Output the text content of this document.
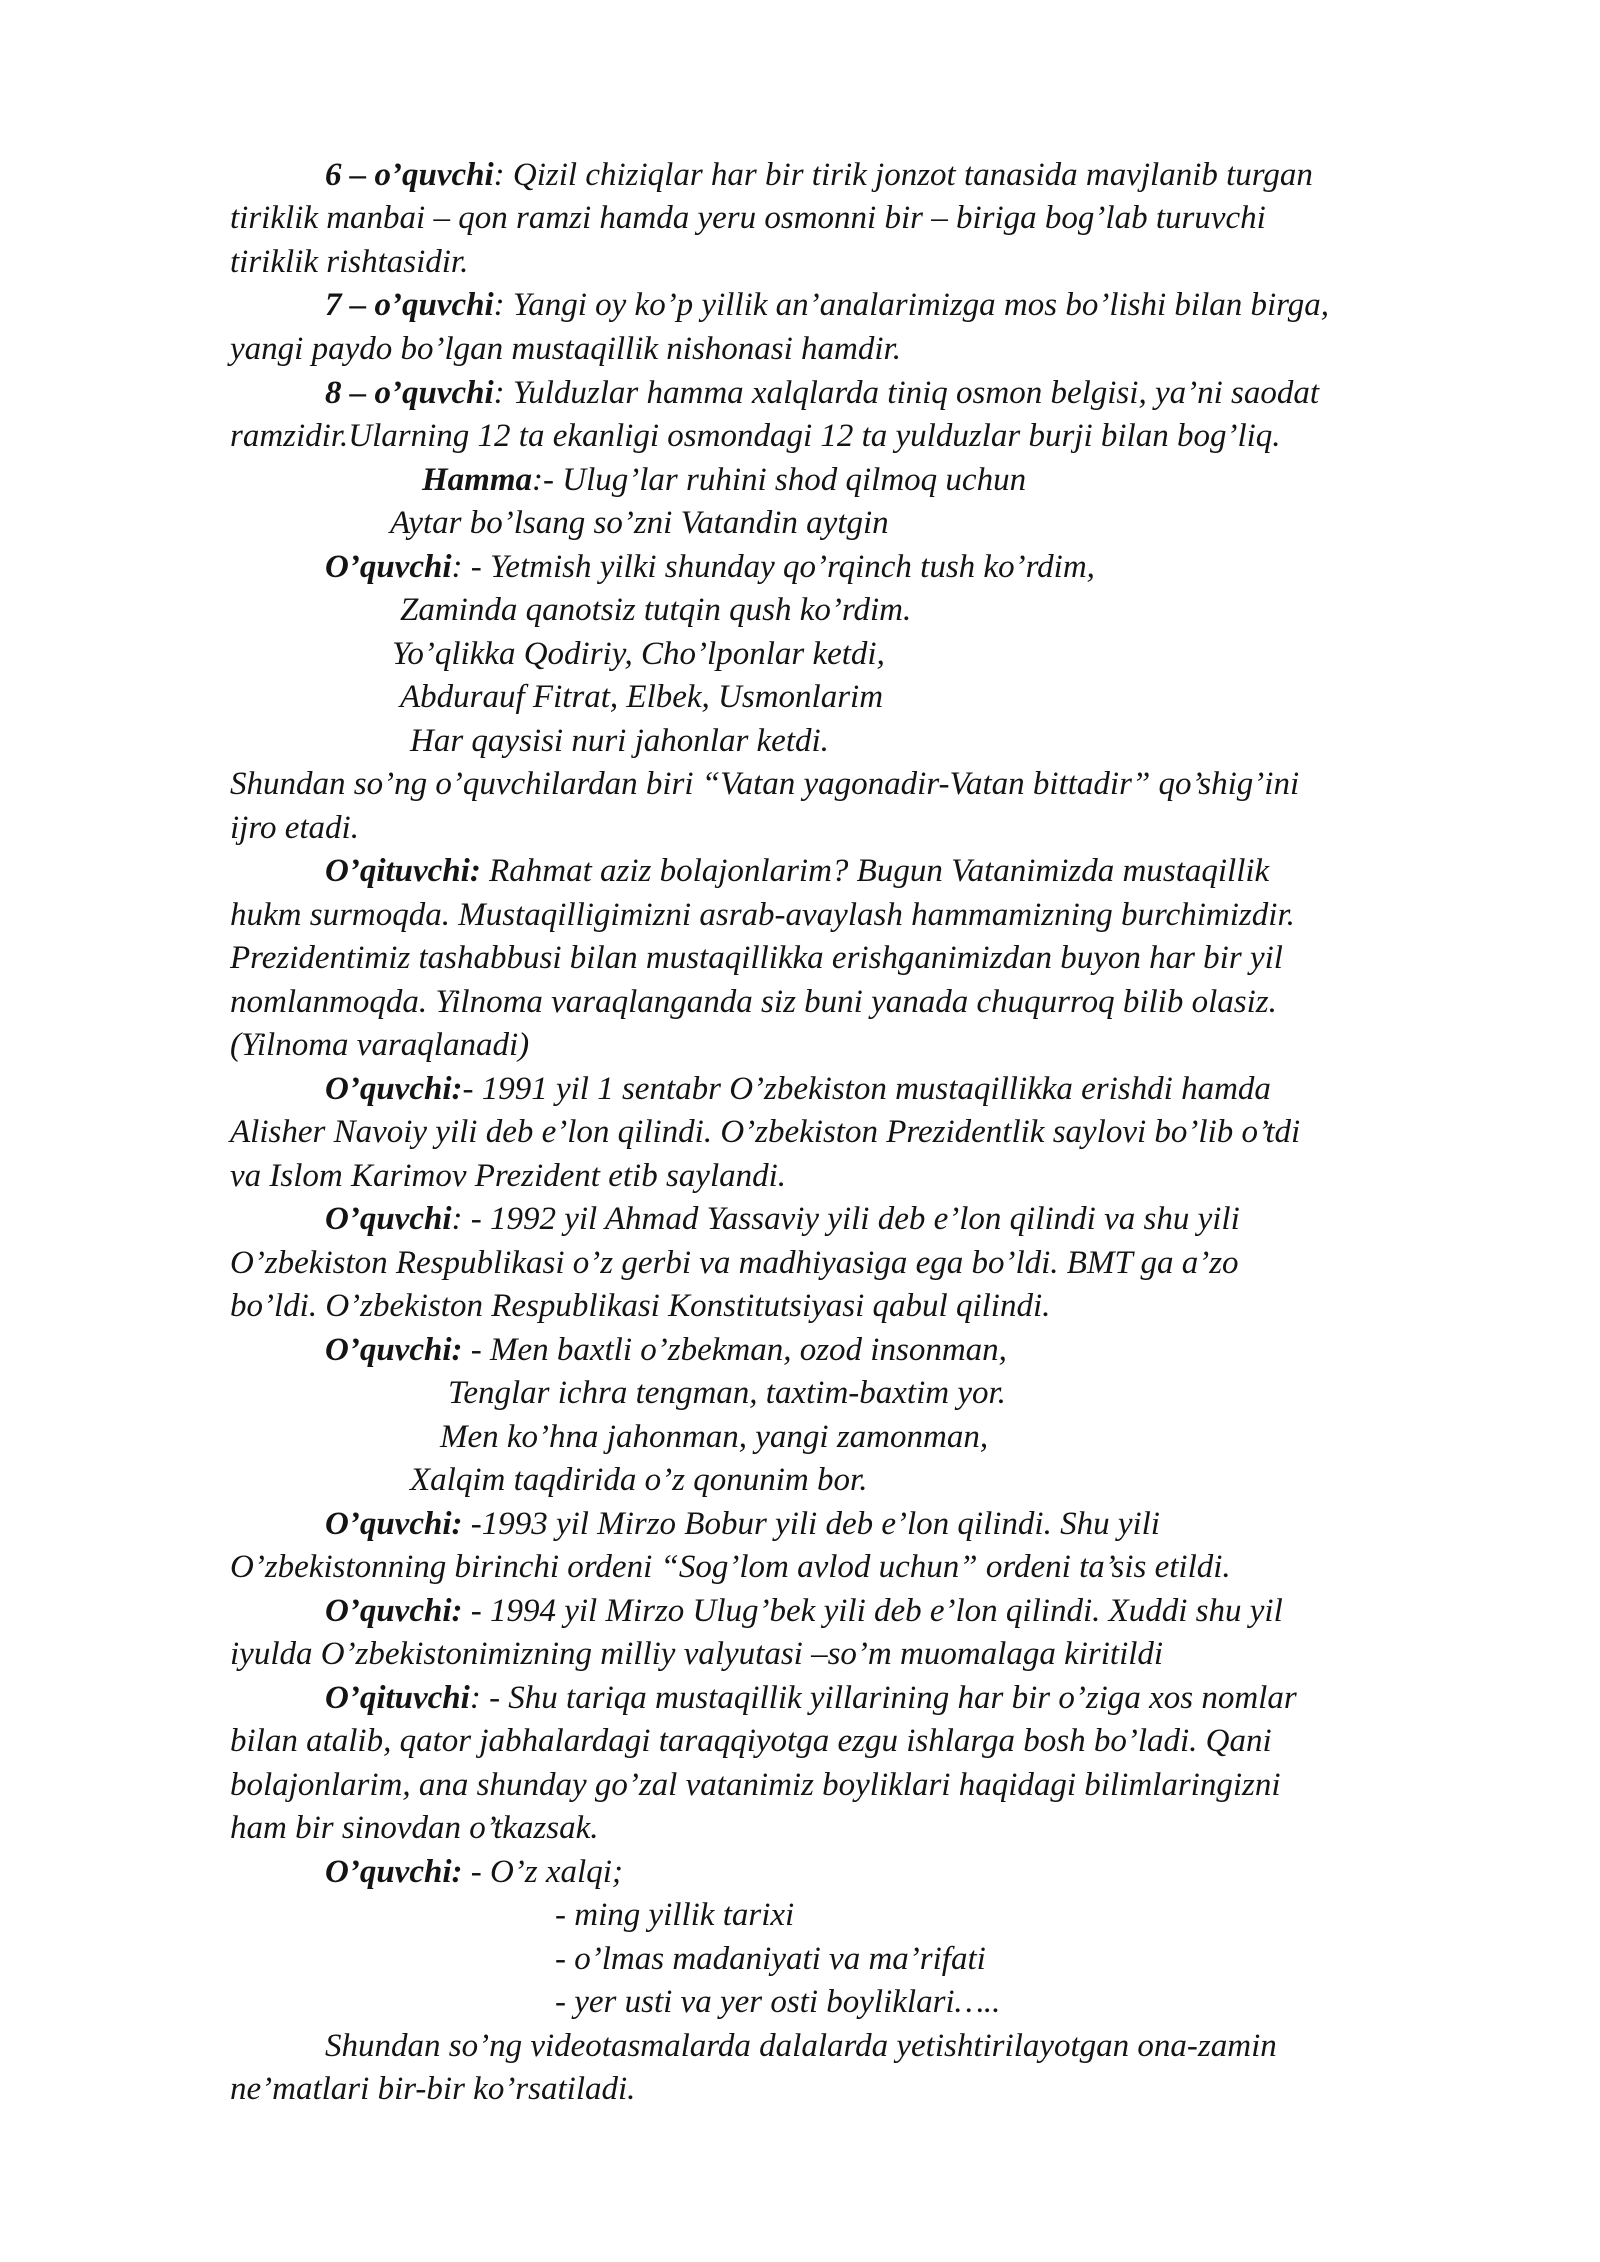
6 – o’quvchi: Qizil chiziqlar har bir tirik jonzot tanasida mavjlanib turgan
tiriklik manbai – qon ramzi hamda yeru osmonni bir – biriga bog’lab turuvchi
tiriklik rishtasidir.
7 – o’quvchi: Yangi oy ko’p yillik an’analarimizga mos bo’lishi bilan birga,
yangi paydo bo’lgan mustaqillik nishonasi hamdir.
8 – o’quvchi: Yulduzlar hamma xalqlarda tiniq osmon belgisi, ya’ni saodat
ramzidir.Ularning 12 ta ekanligi osmondagi 12 ta yulduzlar burji bilan bog’liq.
Hamma:- Ulug’lar ruhini shod qilmoq uchun
Aytar bo’lsang so’zni Vatandin aytgin
O’quvchi: - Yetmish yilki shunday qo’rqinch tush ko’rdim,
Zaminda qanotsiz tutqin qush ko’rdim.
Yo’qlikka Qodiriy, Cho’lponlar ketdi,
Abdurauf Fitrat, Elbek, Usmonlarim
Har qaysisi nuri jahonlar ketdi.
Shundan so’ng o’quvchilardan biri “Vatan yagonadir-Vatan bittadir” qo’shig’ini
ijro etadi.
O’qituvchi: Rahmat aziz bolajonlarim? Bugun Vatanimizda mustaqillik
hukm surmoqda. Mustaqilligimizni asrab-avaylash hammamizning burchimizdir.
Prezidentimiz tashabbusi bilan mustaqillikka erishganimizdan buyon har bir yil
nomlanmoqda. Yilnoma varaqlanganda siz buni yanada chuqurroq bilib olasiz.
(Yilnoma varaqlanadi)
O’quvchi:- 1991 yil 1 sentabr O’zbekiston mustaqillikka erishdi hamda
Alisher Navoiy yili deb e’lon qilindi. O’zbekiston Prezidentlik saylovi bo’lib o’tdi
va Islom Karimov Prezident etib saylandi.
O’quvchi: - 1992 yil Ahmad Yassaviy yili deb e’lon qilindi va shu yili
O’zbekiston Respublikasi o’z gerbi va madhiyasiga ega bo’ldi. BMT ga a’zo
bo’ldi. O’zbekiston Respublikasi Konstitutsiyasi qabul qilindi.
O’quvchi: - Men baxtli o’zbekman, ozod insonman,
Tenglar ichra tengman, taxtim-baxtim yor.
Men ko’hna jahonman, yangi zamonman,
Xalqim taqdirida o’z qonunim bor.
O’quvchi: -1993 yil Mirzo Bobur yili deb e’lon qilindi. Shu yili
O’zbekistonning birinchi ordeni “Sog’lom avlod uchun” ordeni ta’sis etildi.
O’quvchi: - 1994 yil Mirzo Ulug’bek yili deb e’lon qilindi. Xuddi shu yil
iyulda O’zbekistonimizning milliy valyutasi –so’m muomalaga kiritildi
O’qituvchi: - Shu tariqa mustaqillik yillarining har bir o’ziga xos nomlar
bilan atalib, qator jabhalardagi taraqqiyotga ezgu ishlarga bosh bo’ladi. Qani
bolajonlarim, ana shunday go’zal vatanimiz boyliklari haqidagi bilimlaringizni
ham bir sinovdan o’tkazsak.
O’quvchi: - O’z xalqi;
- ming yillik tarixi
- o’lmas madaniyati va ma’rifati
- yer usti va yer osti boyliklari…..
Shundan so’ng videotasmalarda dalalarda yetishtirilayotgan ona-zamin
ne’matlari bir-bir ko’rsatiladi.
